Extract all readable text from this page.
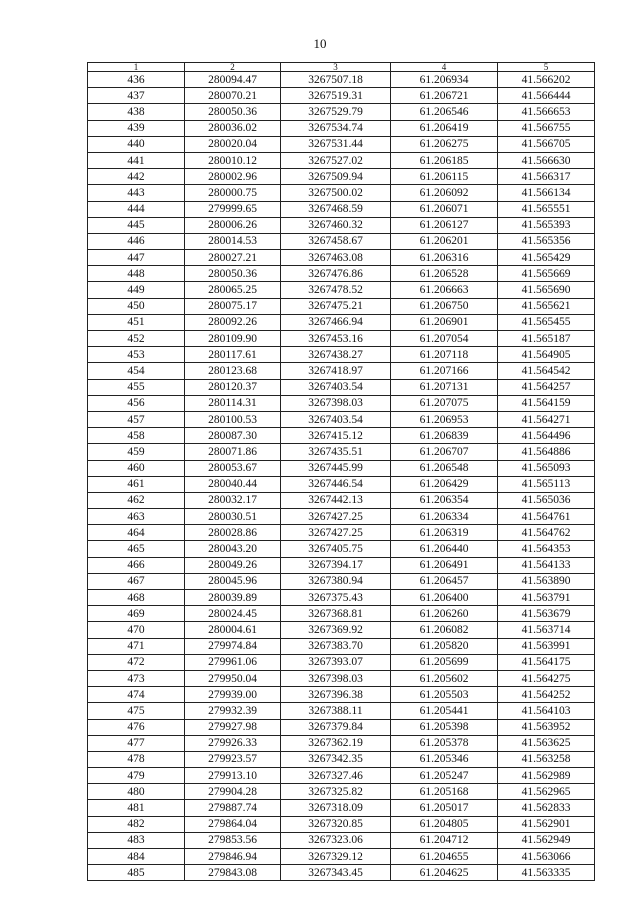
10
1	2	3	4	5
436	280094.47	3267507.18	61.206934	41.566202
437	280070.21	3267519.31	61.206721	41.566444
438	280050.36	3267529.79	61.206546	41.566653
439	280036.02	3267534.74	61.206419	41.566755
440	280020.04	3267531.44	61.206275	41.566705
441	280010.12	3267527.02	61.206185	41.566630
442	280002.96	3267509.94	61.206115	41.566317
443	280000.75	3267500.02	61.206092	41.566134
444	279999.65	3267468.59	61.206071	41.565551
445	280006.26	3267460.32	61.206127	41.565393
446	280014.53	3267458.67	61.206201	41.565356
447	280027.21	3267463.08	61.206316	41.565429
448	280050.36	3267476.86	61.206528	41.565669
449	280065.25	3267478.52	61.206663	41.565690
450	280075.17	3267475.21	61.206750	41.565621
451	280092.26	3267466.94	61.206901	41.565455
452	280109.90	3267453.16	61.207054	41.565187
453	280117.61	3267438.27	61.207118	41.564905
454	280123.68	3267418.97	61.207166	41.564542
455	280120.37	3267403.54	61.207131	41.564257
456	280114.31	3267398.03	61.207075	41.564159
457	280100.53	3267403.54	61.206953	41.564271
458	280087.30	3267415.12	61.206839	41.564496
459	280071.86	3267435.51	61.206707	41.564886
460	280053.67	3267445.99	61.206548	41.565093
461	280040.44	3267446.54	61.206429	41.565113
462	280032.17	3267442.13	61.206354	41.565036
463	280030.51	3267427.25	61.206334	41.564761
464	280028.86	3267427.25	61.206319	41.564762
465	280043.20	3267405.75	61.206440	41.564353
466	280049.26	3267394.17	61.206491	41.564133
467	280045.96	3267380.94	61.206457	41.563890
468	280039.89	3267375.43	61.206400	41.563791
469	280024.45	3267368.81	61.206260	41.563679
470	280004.61	3267369.92	61.206082	41.563714
471	279974.84	3267383.70	61.205820	41.563991
472	279961.06	3267393.07	61.205699	41.564175
473	279950.04	3267398.03	61.205602	41.564275
474	279939.00	3267396.38	61.205503	41.564252
475	279932.39	3267388.11	61.205441	41.564103
476	279927.98	3267379.84	61.205398	41.563952
477	279926.33	3267362.19	61.205378	41.563625
478	279923.57	3267342.35	61.205346	41.563258
479	279913.10	3267327.46	61.205247	41.562989
480	279904.28	3267325.82	61.205168	41.562965
481	279887.74	3267318.09	61.205017	41.562833
482	279864.04	3267320.85	61.204805	41.562901
483	279853.56	3267323.06	61.204712	41.562949
484	279846.94	3267329.12	61.204655	41.563066
485	279843.08	3267343.45	61.204625	41.563335
